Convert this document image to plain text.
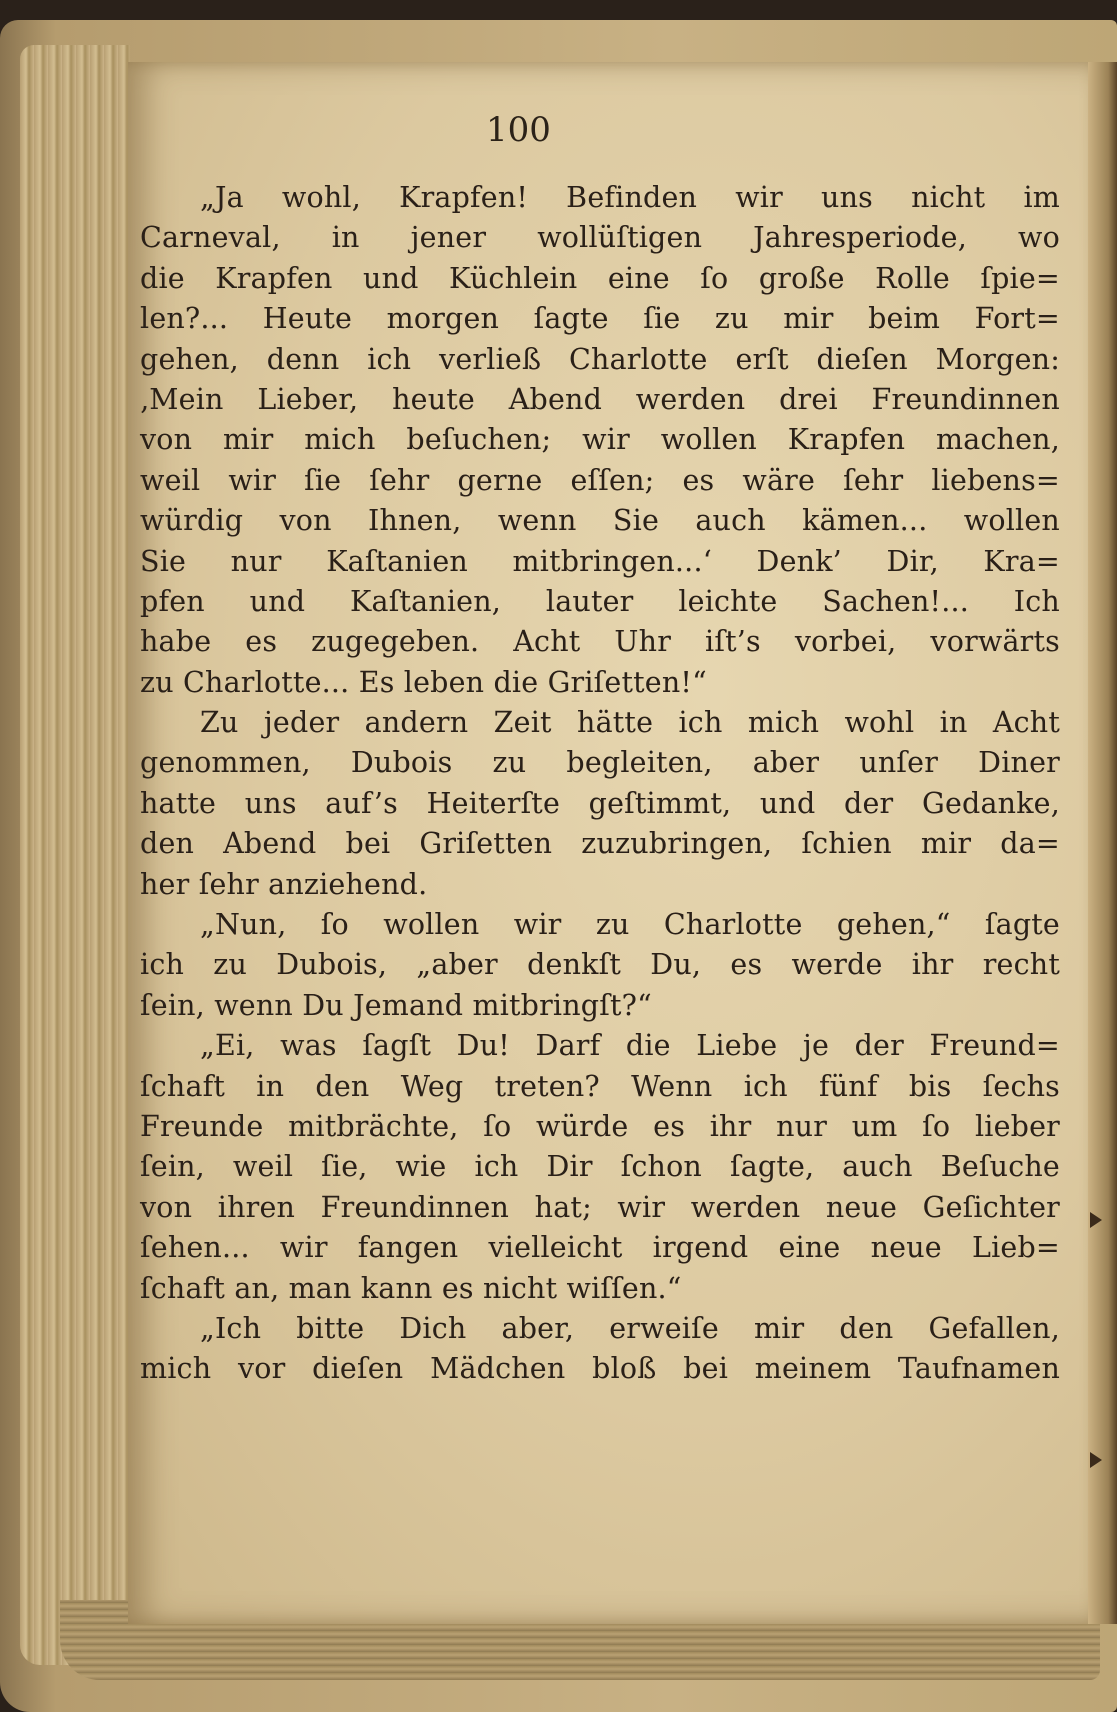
100
„Ja wohl, Krapfen! Befinden wir uns nicht im
Carneval, in jener wollüſtigen Jahresperiode, wo
die Krapfen und Küchlein eine ſo große Rolle ſpie=
len?... Heute morgen ſagte ſie zu mir beim Fort=
gehen, denn ich verließ Charlotte erſt dieſen Morgen:
‚Mein Lieber, heute Abend werden drei Freundinnen
von mir mich beſuchen; wir wollen Krapfen machen,
weil wir ſie ſehr gerne eſſen; es wäre ſehr liebens=
würdig von Ihnen, wenn Sie auch kämen... wollen
Sie nur Kaſtanien mitbringen...‘ Denk’ Dir, Kra=
pfen und Kaſtanien, lauter leichte Sachen!... Ich
habe es zugegeben. Acht Uhr iſt’s vorbei, vorwärts
zu Charlotte... Es leben die Griſetten!“
Zu jeder andern Zeit hätte ich mich wohl in Acht
genommen, Dubois zu begleiten, aber unſer Diner
hatte uns auf’s Heiterſte geſtimmt, und der Gedanke,
den Abend bei Griſetten zuzubringen, ſchien mir da=
her ſehr anziehend.
„Nun, ſo wollen wir zu Charlotte gehen,“ ſagte
ich zu Dubois, „aber denkſt Du, es werde ihr recht
ſein, wenn Du Jemand mitbringſt?“
„Ei, was ſagſt Du! Darf die Liebe je der Freund=
ſchaft in den Weg treten? Wenn ich fünf bis ſechs
Freunde mitbrächte, ſo würde es ihr nur um ſo lieber
ſein, weil ſie, wie ich Dir ſchon ſagte, auch Beſuche
von ihren Freundinnen hat; wir werden neue Geſichter
ſehen... wir fangen vielleicht irgend eine neue Lieb=
ſchaft an, man kann es nicht wiſſen.“
„Ich bitte Dich aber, erweiſe mir den Gefallen,
mich vor dieſen Mädchen bloß bei meinem Taufnamen
